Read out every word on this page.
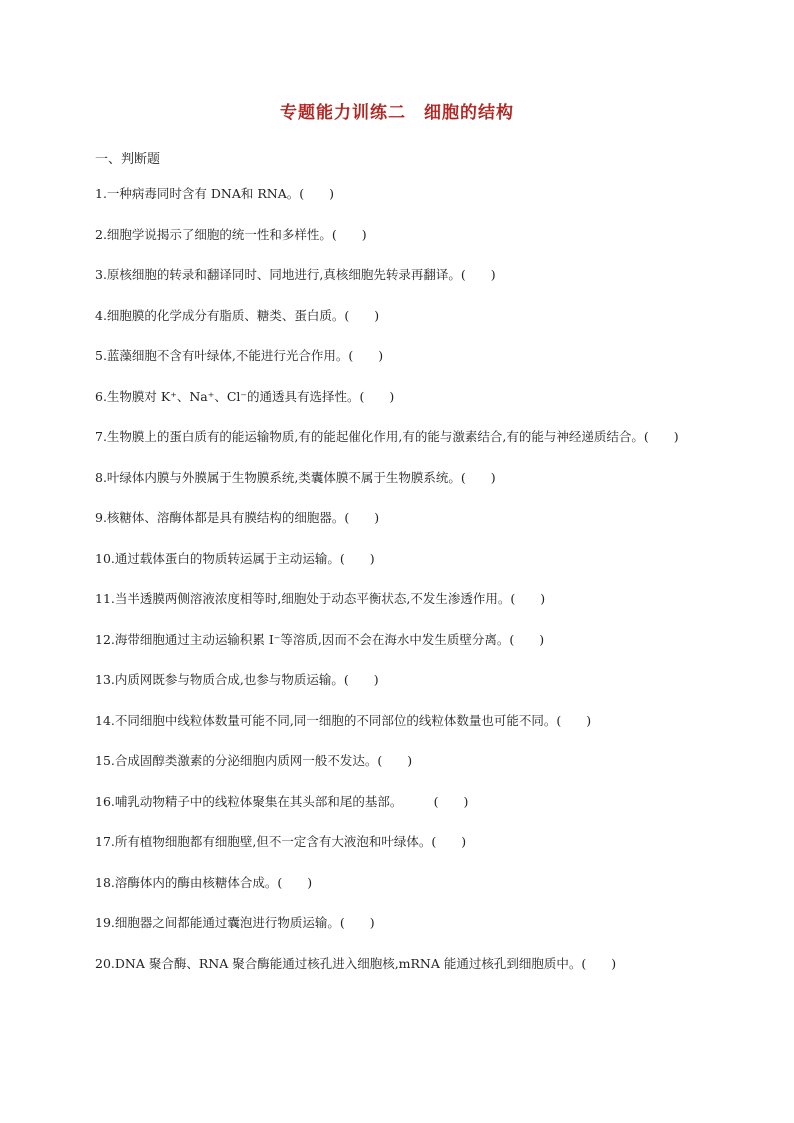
专题能力训练二　细胞的结构
一、判断题
1.一种病毒同时含有 DNA和 RNA。(　　)
2.细胞学说揭示了细胞的统一性和多样性。(　　)
3.原核细胞的转录和翻译同时、同地进行,真核细胞先转录再翻译。(　　)
4.细胞膜的化学成分有脂质、糖类、蛋白质。(　　)
5.蓝藻细胞不含有叶绿体,不能进行光合作用。(　　)
6.生物膜对 K⁺、Na⁺、Cl⁻的通透具有选择性。(　　)
7.生物膜上的蛋白质有的能运输物质,有的能起催化作用,有的能与激素结合,有的能与神经递质结合。(　　)
8.叶绿体内膜与外膜属于生物膜系统,类囊体膜不属于生物膜系统。(　　)
9.核糖体、溶酶体都是具有膜结构的细胞器。(　　)
10.通过载体蛋白的物质转运属于主动运输。(　　)
11.当半透膜两侧溶液浓度相等时,细胞处于动态平衡状态,不发生渗透作用。(　　)
12.海带细胞通过主动运输积累 I⁻等溶质,因而不会在海水中发生质壁分离。(　　)
13.内质网既参与物质合成,也参与物质运输。(　　)
14.不同细胞中线粒体数量可能不同,同一细胞的不同部位的线粒体数量也可能不同。(　　)
15.合成固醇类激素的分泌细胞内质网一般不发达。(　　)
16.哺乳动物精子中的线粒体聚集在其头部和尾的基部。　　　(　　)
17.所有植物细胞都有细胞壁,但不一定含有大液泡和叶绿体。(　　)
18.溶酶体内的酶由核糖体合成。(　　)
19.细胞器之间都能通过囊泡进行物质运输。(　　)
20.DNA 聚合酶、RNA 聚合酶能通过核孔进入细胞核,mRNA 能通过核孔到细胞质中。(　　)
